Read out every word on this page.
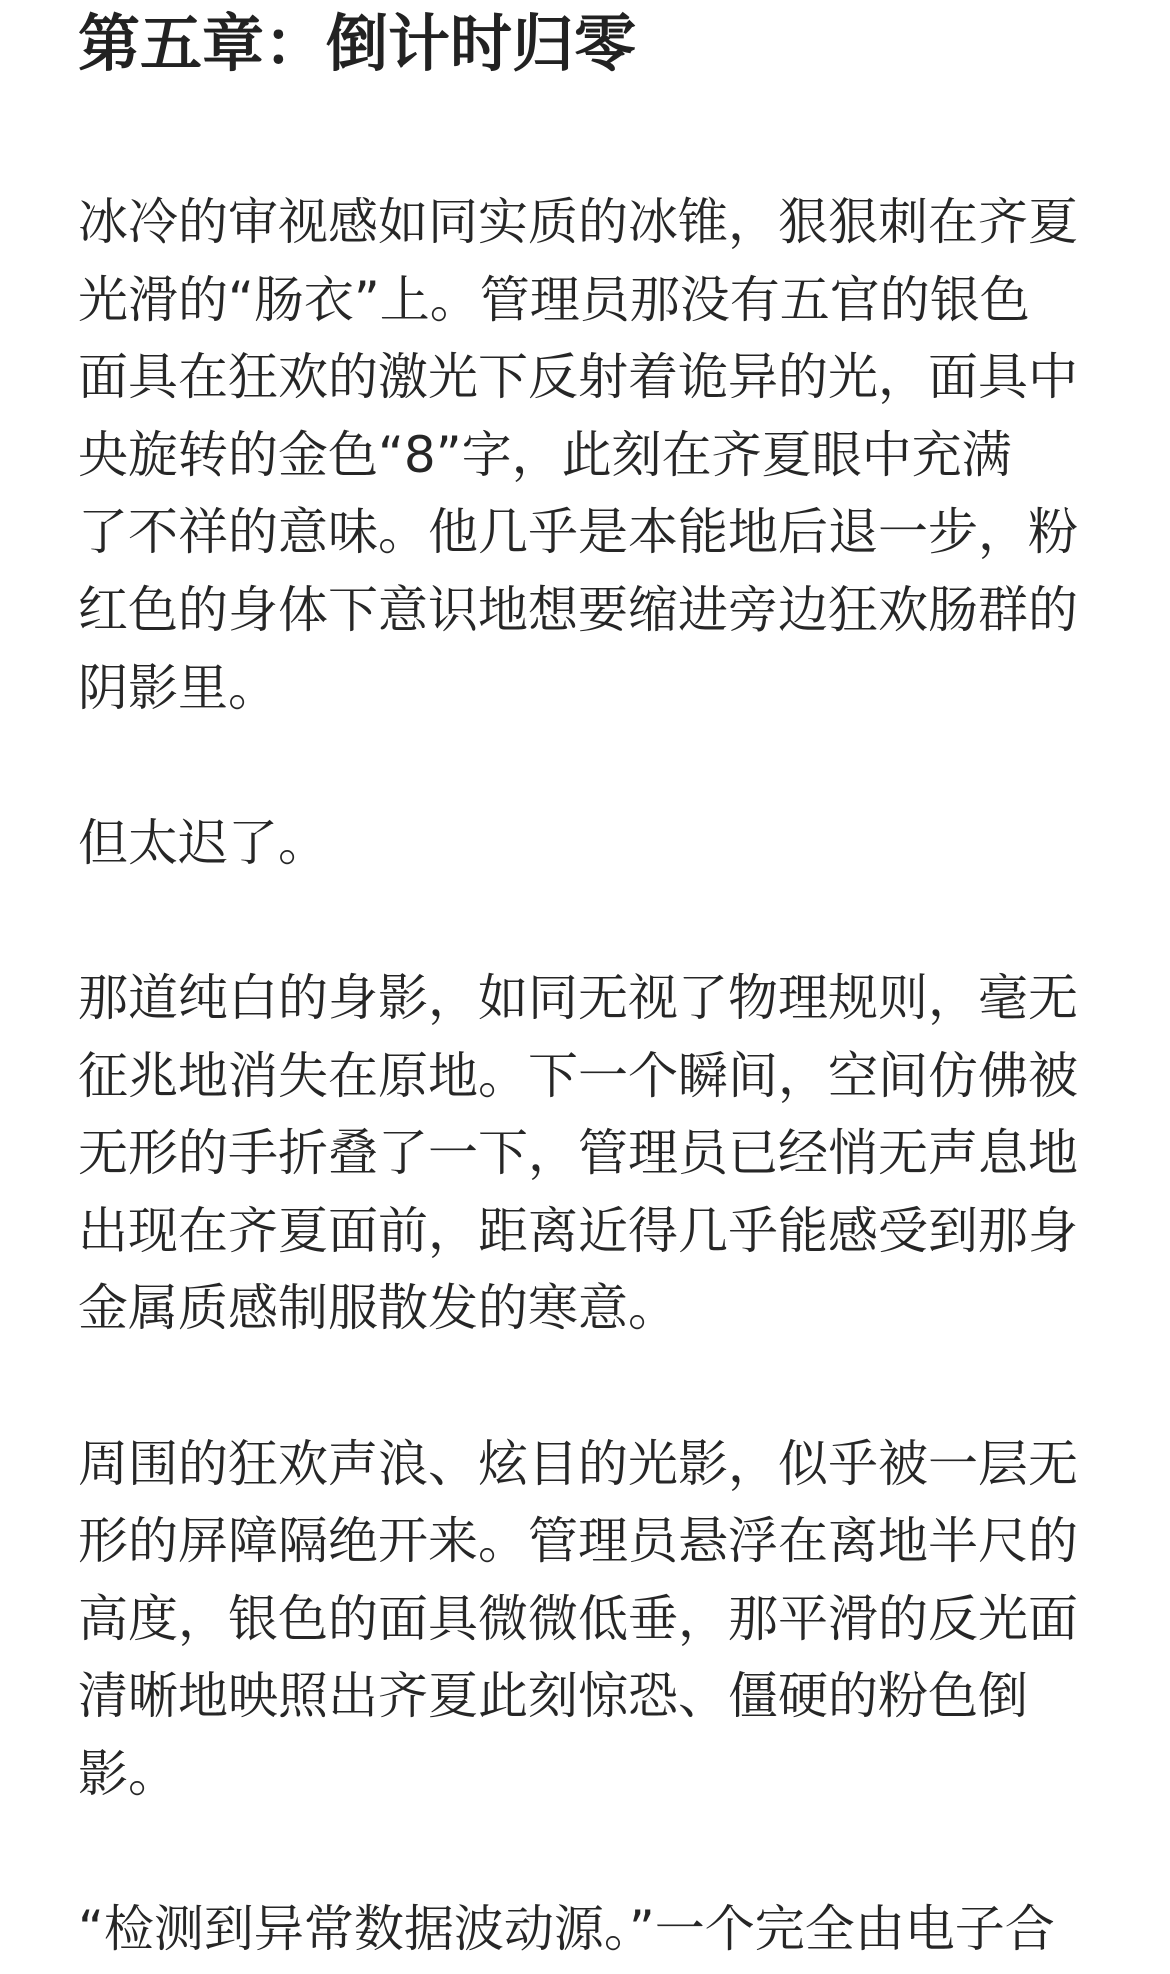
第五章：倒计时归零

冰冷的审视感如同实质的冰锥，狠狠刺在齐夏
光滑的“肠衣”上。管理员那没有五官的银色
面具在狂欢的激光下反射着诡异的光，面具中
央旋转的金色“8”字，此刻在齐夏眼中充满
了不祥的意味。他几乎是本能地后退一步，粉
红色的身体下意识地想要缩进旁边狂欢肠群的
阴影里。

但太迟了。

那道纯白的身影，如同无视了物理规则，毫无
征兆地消失在原地。下一个瞬间，空间仿佛被
无形的手折叠了一下，管理员已经悄无声息地
出现在齐夏面前，距离近得几乎能感受到那身
金属质感制服散发的寒意。

周围的狂欢声浪、炫目的光影，似乎被一层无
形的屏障隔绝开来。管理员悬浮在离地半尺的
高度，银色的面具微微低垂，那平滑的反光面
清晰地映照出齐夏此刻惊恐、僵硬的粉色倒
影。

“检测到异常数据波动源。”一个完全由电子合
